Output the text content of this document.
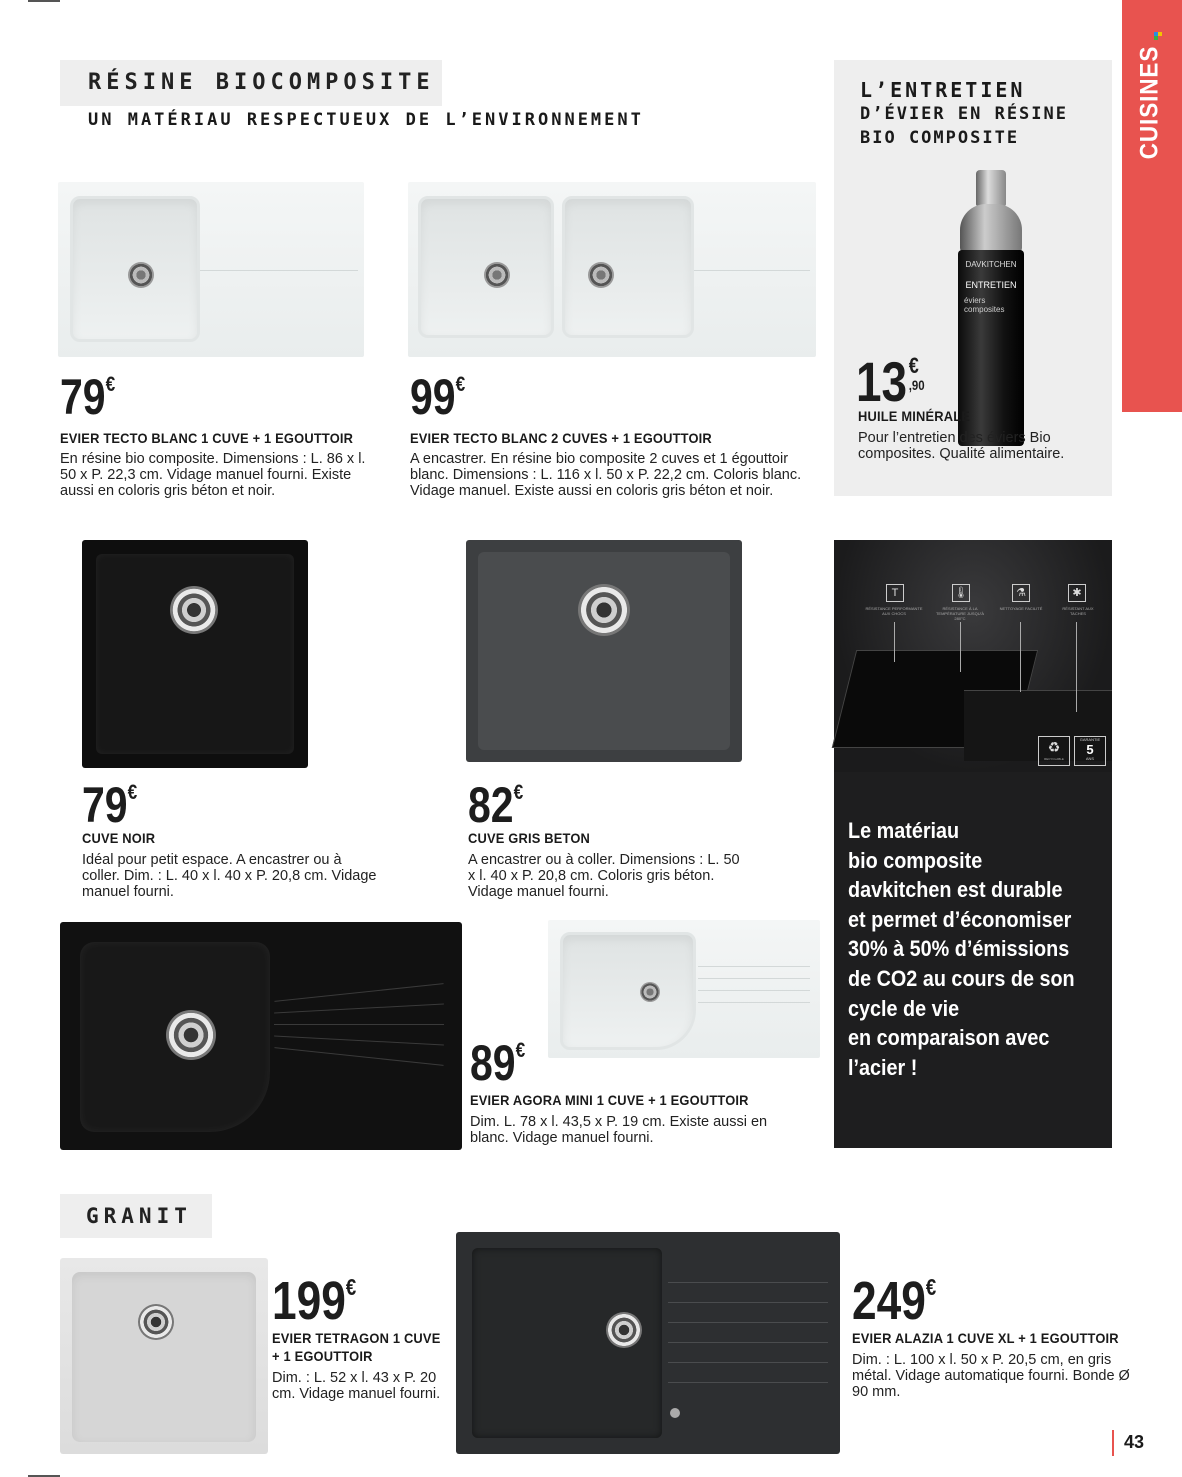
CUISINES
RÉSINE BIOCOMPOSITE
UN MATÉRIAU RESPECTUEUX DE L’ENVIRONNEMENT
L’ENTRETIEN
D’ÉVIER EN RÉSINE
BIO COMPOSITE
DAVKITCHEN
ENTRETIEN
éviers composites
13 €
,90
HUILE MINÉRALE
Pour l’entretien des éviers Bio composites. Qualité alimentaire.
79 €
EVIER TECTO BLANC 1 CUVE + 1 EGOUTTOIR
En résine bio composite. Dimensions : L. 86 x l. 50 x P. 22,3 cm. Vidage manuel fourni. Existe aussi en coloris gris béton et noir.
99 €
EVIER TECTO BLANC 2 CUVES + 1 EGOUTTOIR
A encastrer. En résine bio composite 2 cuves et 1 égouttoir blanc. Dimensions : L. 116 x l. 50 x P. 22,2 cm. Coloris blanc. Vidage manuel. Existe aussi en coloris gris béton et noir.
79 €
CUVE NOIR
Idéal pour petit espace. A encastrer ou à coller. Dim. : L. 40 x l. 40 x P. 20,8 cm. Vidage manuel fourni.
82 €
CUVE GRIS BETON
A encastrer ou à coller. Dimensions : L. 50 x l. 40 x P. 20,8 cm. Coloris gris béton. Vidage manuel fourni.
T	🌡	⚗	✱
RÉSISTANCE PERFORMANTE AUX CHOCS
RÉSISTANCE À LA TEMPÉRATURE JUSQU'À 280°C
NETTOYAGE FACILITÉ	RÉSISTANT AUX TACHES
♻
RECYCLABLE
GARANTIE
5
ANS
Le matériau
bio composite
davkitchen est durable
et permet d’économiser
30% à 50% d’émissions
de CO2 au cours de son
cycle de vie
en comparaison avec
l’acier !
89 €
EVIER AGORA MINI 1 CUVE + 1 EGOUTTOIR
Dim. L. 78 x l. 43,5 x P. 19 cm. Existe aussi en blanc. Vidage manuel fourni.
GRANIT
199 €
EVIER TETRAGON 1 CUVE
+ 1 EGOUTTOIR
Dim. : L. 52 x l. 43 x P. 20 cm. Vidage manuel fourni.
249 €
EVIER ALAZIA 1 CUVE XL + 1 EGOUTTOIR
Dim. : L. 100 x l. 50 x P. 20,5 cm, en gris métal. Vidage automatique fourni. Bonde Ø 90 mm.
43
